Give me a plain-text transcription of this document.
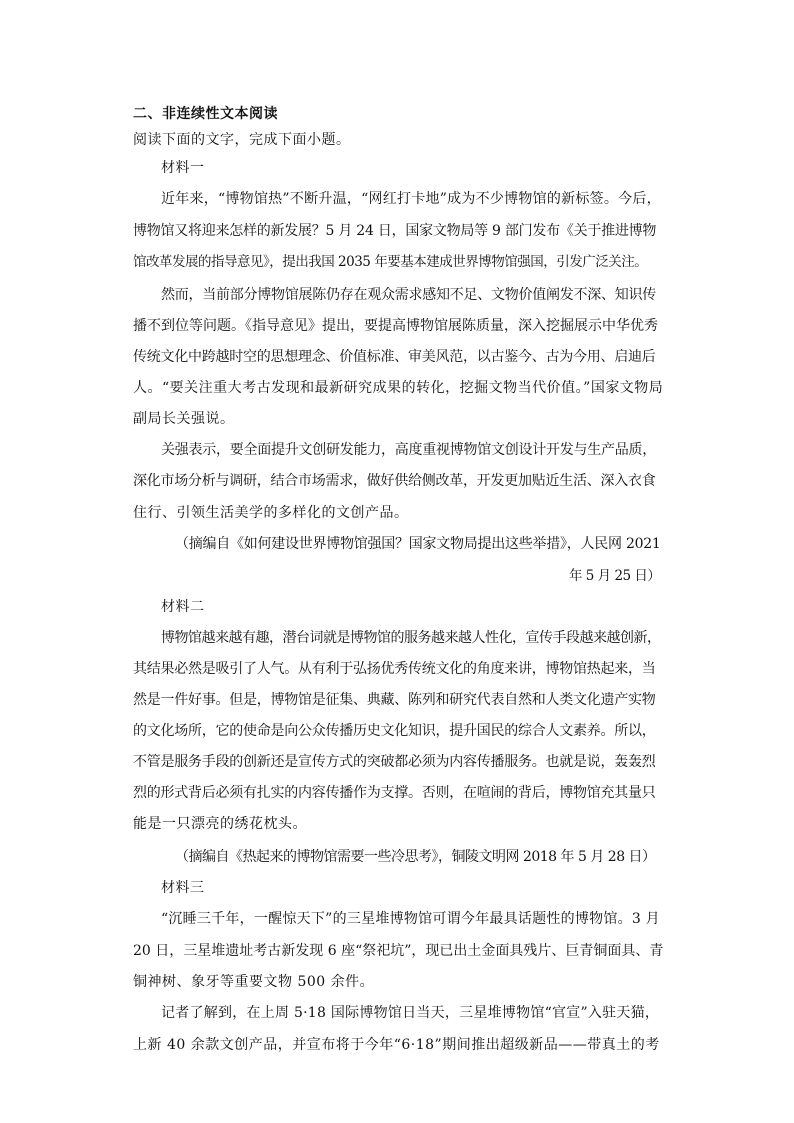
二、非连续性文本阅读
阅读下面的文字，完成下面小题。
材料一
近年来，“博物馆热”不断升温，“网红打卡地”成为不少博物馆的新标签。今后，
博物馆又将迎来怎样的新发展？5 月 24 日，国家文物局等 9 部门发布《关于推进博物
馆改革发展的指导意见》，提出我国 2035 年要基本建成世界博物馆强国，引发广泛关注。
然而，当前部分博物馆展陈仍存在观众需求感知不足、文物价值阐发不深、知识传
播不到位等问题。《指导意见》提出，要提高博物馆展陈质量，深入挖掘展示中华优秀
传统文化中跨越时空的思想理念、价值标准、审美风范，以古鉴今、古为今用、启迪后
人。“要关注重大考古发现和最新研究成果的转化，挖掘文物当代价值。”国家文物局
副局长关强说。
关强表示，要全面提升文创研发能力，高度重视博物馆文创设计开发与生产品质，
深化市场分析与调研，结合市场需求，做好供给侧改革，开发更加贴近生活、深入衣食
住行、引领生活美学的多样化的文创产品。
（摘编自《如何建设世界博物馆强国？国家文物局提出这些举措》，人民网 2021
年 5 月 25 日）
材料二
博物馆越来越有趣，潜台词就是博物馆的服务越来越人性化，宣传手段越来越创新，
其结果必然是吸引了人气。从有利于弘扬优秀传统文化的角度来讲，博物馆热起来，当
然是一件好事。但是，博物馆是征集、典藏、陈列和研究代表自然和人类文化遗产实物
的文化场所，它的使命是向公众传播历史文化知识，提升国民的综合人文素养。所以，
不管是服务手段的创新还是宣传方式的突破都必须为内容传播服务。也就是说，轰轰烈
烈的形式背后必须有扎实的内容传播作为支撑。否则，在喧闹的背后，博物馆充其量只
能是一只漂亮的绣花枕头。
（摘编自《热起来的博物馆需要一些冷思考》，铜陵文明网 2018 年 5 月 28 日）
材料三
“沉睡三千年，一醒惊天下”的三星堆博物馆可谓今年最具话题性的博物馆。3 月
20 日，三星堆遗址考古新发现 6 座“祭祀坑”，现已出土金面具残片、巨青铜面具、青
铜神树、象牙等重要文物 500 余件。
记者了解到，在上周 5·18 国际博物馆日当天，三星堆博物馆“官宣”入驻天猫，
上新 40 余款文创产品，并宣布将于今年“6·18”期间推出超级新品——带真土的考
